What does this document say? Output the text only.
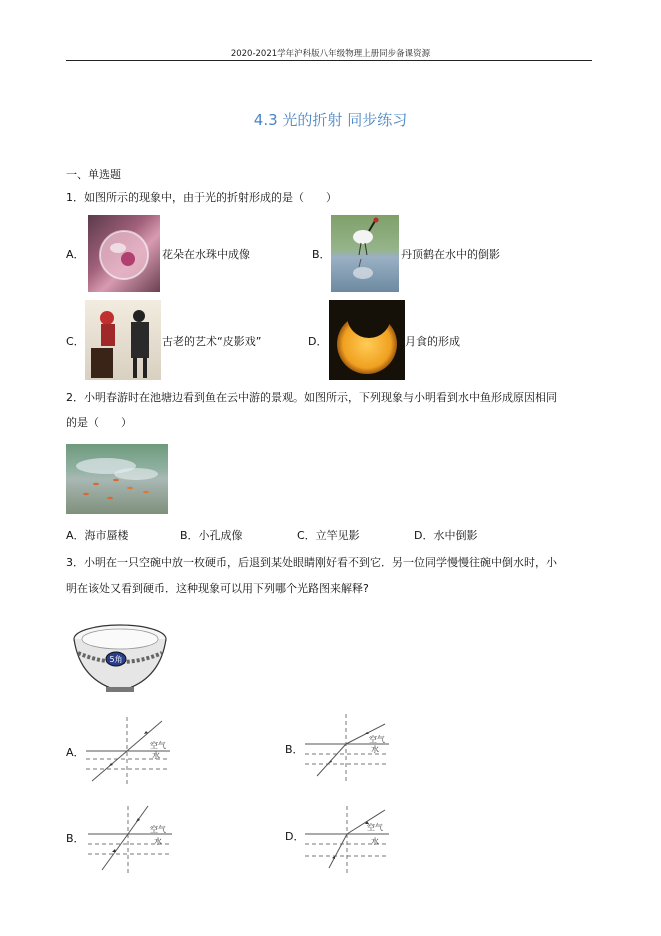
2020-2021学年沪科版八年级物理上册同步备课资源
4.3 光的折射 同步练习
一、单选题
1．如图所示的现象中，由于光的折射形成的是（　　）
A．	花朵在水珠中成像	B．	丹顶鹤在水中的倒影
C．	古老的艺术“皮影戏”	D．	月食的形成
2．小明春游时在池塘边看到鱼在云中游的景观。如图所示，下列现象与小明看到水中鱼形成原因相同
的是（　　）
A．海市蜃楼	B．小孔成像	C．立竿见影	D．水中倒影
3．小明在一只空碗中放一枚硬币，后退到某处眼睛刚好看不到它．另一位同学慢慢往碗中倒水时，小
明在该处又看到硬币．这种现象可以用下列哪个光路图来解释?
5角
A．
空气
水	B．
空气
水
B．
空气
水	D．
空气
水
